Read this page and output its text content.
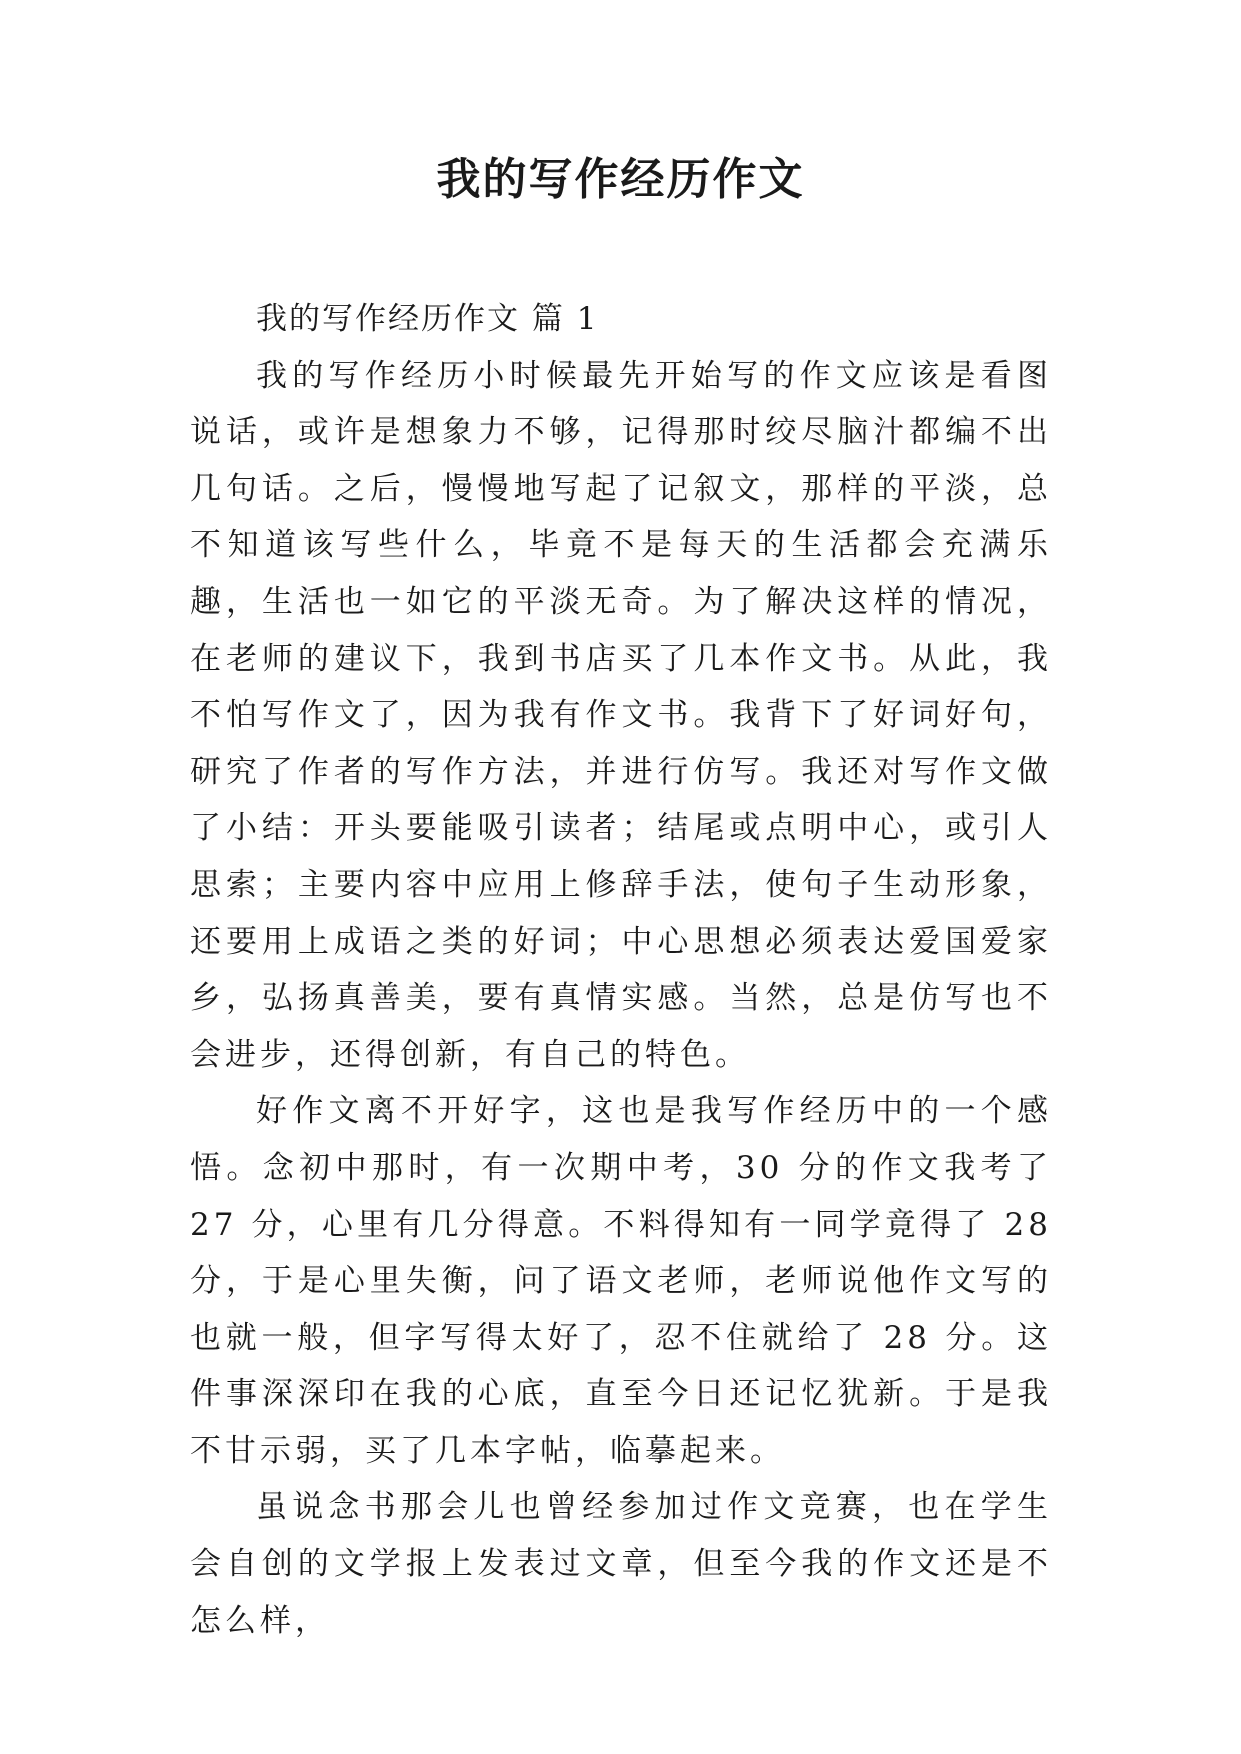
我的写作经历作文
我的写作经历作文 篇 1

我的写作经历小时候最先开始写的作文应该是看图说话，或许是想象力不够，记得那时绞尽脑汁都编不出几句话。之后，慢慢地写起了记叙文，那样的平淡，总不知道该写些什么，毕竟不是每天的生活都会充满乐趣，生活也一如它的平淡无奇。为了解决这样的情况，在老师的建议下，我到书店买了几本作文书。从此，我不怕写作文了，因为我有作文书。我背下了好词好句，研究了作者的写作方法，并进行仿写。我还对写作文做了小结：开头要能吸引读者；结尾或点明中心，或引人思索；主要内容中应用上修辞手法，使句子生动形象，还要用上成语之类的好词；中心思想必须表达爱国爱家乡，弘扬真善美，要有真情实感。当然，总是仿写也不会进步，还得创新，有自己的特色。

好作文离不开好字，这也是我写作经历中的一个感悟。念初中那时，有一次期中考，30 分的作文我考了 27 分，心里有几分得意。不料得知有一同学竟得了 28 分，于是心里失衡，问了语文老师，老师说他作文写的也就一般，但字写得太好了，忍不住就给了 28 分。这件事深深印在我的心底，直至今日还记忆犹新。于是我不甘示弱，买了几本字帖，临摹起来。

虽说念书那会儿也曾经参加过作文竞赛，也在学生会自创的文学报上发表过文章，但至今我的作文还是不怎么样，
